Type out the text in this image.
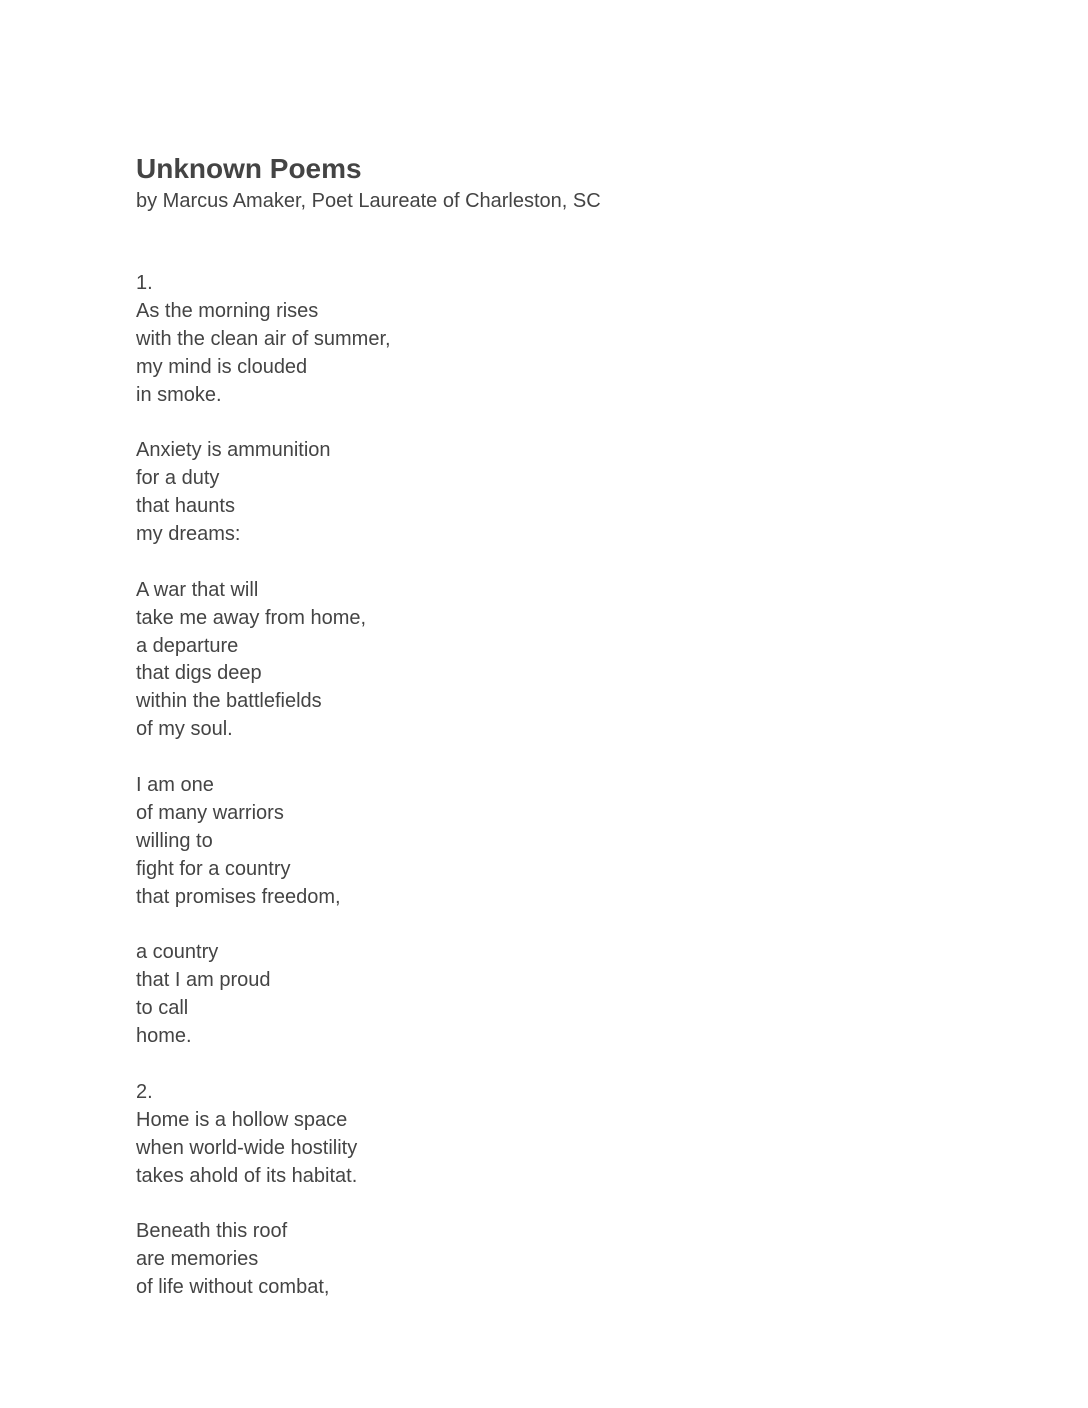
Unknown Poems

by Marcus Amaker, Poet Laureate of Charleston, SC

1.
As the morning rises
with the clean air of summer,
my mind is clouded
in smoke.
Anxiety is ammunition
for a duty
that haunts
my dreams:
A war that will
take me away from home,
a departure
that digs deep
within the battlefields
of my soul.
I am one
of many warriors
willing to
fight for a country
that promises freedom,
a country
that I am proud
to call
home.
2.
Home is a hollow space
when world-wide hostility
takes ahold of its habitat.
Beneath this roof
are memories
of life without combat,
